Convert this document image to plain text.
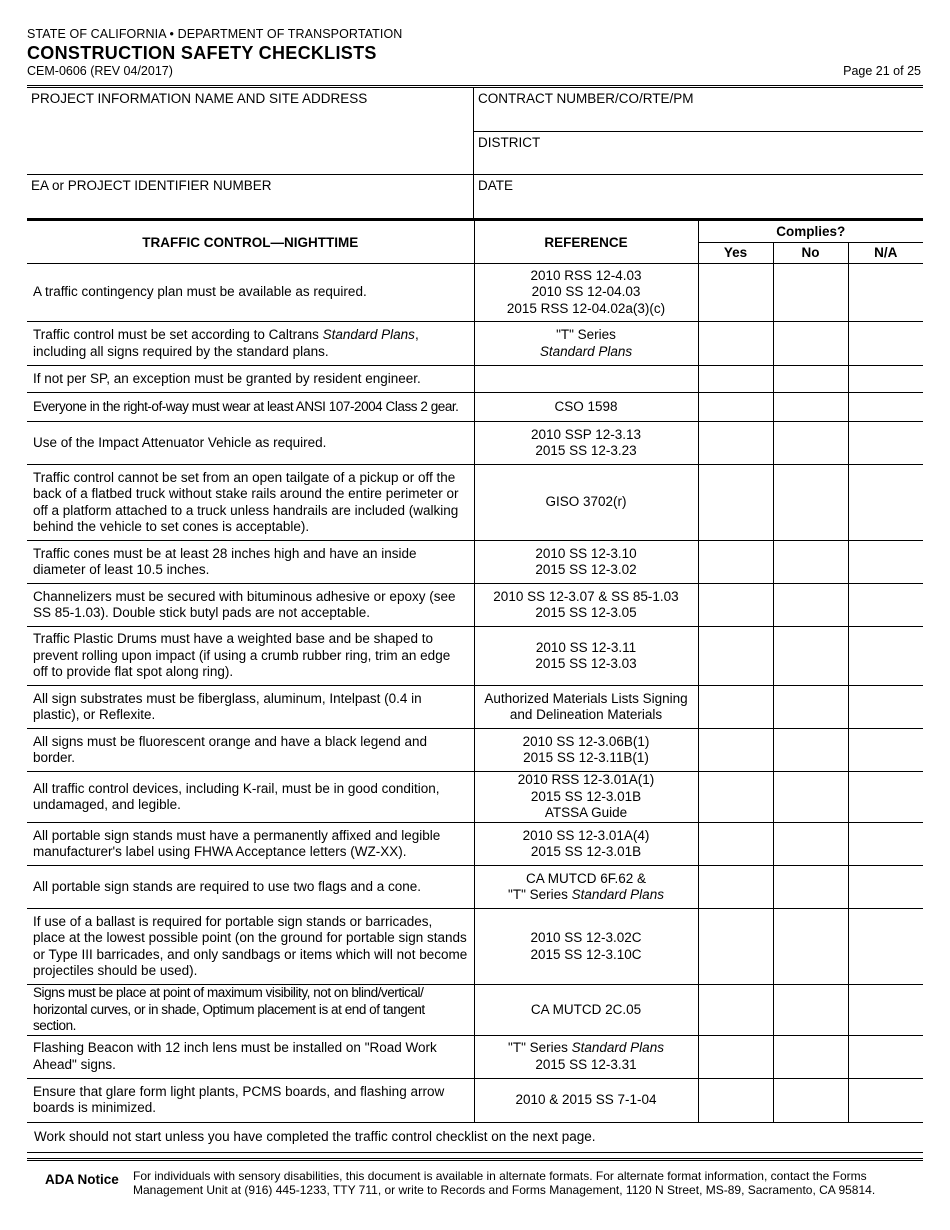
STATE OF CALIFORNIA • DEPARTMENT OF TRANSPORTATION
CONSTRUCTION SAFETY CHECKLISTS
CEM-0606 (REV 04/2017)	Page 21 of 25
PROJECT INFORMATION NAME AND SITE ADDRESS
EA or PROJECT IDENTIFIER NUMBER
CONTRACT NUMBER/CO/RTE/PM
DISTRICT
DATE
TRAFFIC CONTROL—NIGHTTIME	REFERENCE	Complies?		
		Yes	No	N/A
A traffic contingency plan must be available as required.	2010 RSS 12-4.03
2010 SS 12-04.03
2015 RSS 12-04.02a(3)(c)			

Traffic control must be set according to Caltrans Standard Plans, including all signs required by the standard plans.	"T" Series
Standard Plans			

If not per SP, an exception must be granted by resident engineer.				
Everyone in the right-of-way must wear at least ANSI 107-2004 Class 2 gear.	CSO 1598			

Use of the Impact Attenuator Vehicle as required.	2010 SSP 12-3.13
2015 SS 12-3.23			

Traffic control cannot be set from an open tailgate of a pickup or off the back of a flatbed truck without stake rails around the entire perimeter or off a platform attached to a truck unless handrails are included (walking behind the vehicle to set cones is acceptable).	GISO 3702(r)			

Traffic cones must be at least 28 inches high and have an inside diameter of least 10.5 inches.	2010 SS 12-3.10
2015 SS 12-3.02			

Channelizers must be secured with bituminous adhesive or epoxy (see SS 85-1.03). Double stick butyl pads are not acceptable.	2010 SS 12-3.07 & SS 85-1.03
2015 SS 12-3.05			

Traffic Plastic Drums must have a weighted base and be shaped to prevent rolling upon impact (if using a crumb rubber ring, trim an edge off to provide flat spot along ring).	2010 SS 12-3.11
2015 SS 12-3.03			

All sign substrates must be fiberglass, aluminum, Intelpast (0.4 in plastic), or Reflexite.	Authorized Materials Lists Signing
and Delineation Materials			

All signs must be fluorescent orange and have a black legend and border.	2010 SS 12-3.06B(1)
2015 SS 12-3.11B(1)			

All traffic control devices, including K-rail, must be in good condition, undamaged, and legible.	2010 RSS 12-3.01A(1)
2015 SS 12-3.01B
ATSSA Guide			

All portable sign stands must have a permanently affixed and legible manufacturer's label using FHWA Acceptance letters (WZ-XX).	2010 SS 12-3.01A(4)
2015 SS 12-3.01B			

All portable sign stands are required to use two flags and a cone.	CA MUTCD 6F.62 &
"T" Series Standard Plans			

If use of a ballast is required for portable sign stands or barricades, place at the lowest possible point (on the ground for portable sign stands or Type III barricades, and only sandbags or items which will not become projectiles should be used).	2010 SS 12-3.02C
2015 SS 12-3.10C			

Signs must be place at point of maximum visibility, not on blind/vertical/ horizontal curves, or in shade, Optimum placement is at end of tangent section.	CA MUTCD 2C.05			

Flashing Beacon with 12 inch lens must be installed on "Road Work Ahead" signs.	"T" Series Standard Plans
2015 SS 12-3.31			

Ensure that glare form light plants, PCMS boards, and flashing arrow boards is minimized.	2010 & 2015 SS 7-1-04			

Work should not start unless you have completed the traffic control checklist on the next page.
ADA Notice	For individuals with sensory disabilities, this document is available in alternate formats. For alternate format information, contact the Forms Management Unit at (916) 445-1233, TTY 711, or write to Records and Forms Management, 1120 N Street, MS-89, Sacramento, CA 95814.
